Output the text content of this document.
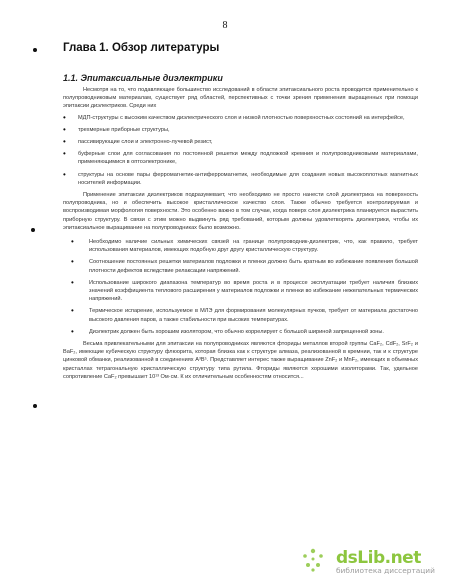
8
Глава 1. Обзор литературы
1.1. Эпитаксиальные диэлектрики

Несмотря на то, что подавляющее большинство исследований в области эпитаксиального роста проводится применительно к полупроводниковым материалам, существует ряд областей, перспективных с точки зрения применения выращенных при помощи эпитаксии диэлектриков. Среди них

• МДП-структуры с высоким качеством диэлектрического слоя и низкой плотностью поверхностных состояний на интерфейсе,
• трехмерные приборные структуры,
• пассивирующие слои и электронно-лучевой резист,
• буферные слои для согласования по постоянной решетки между подложкой кремния и полупроводниковыми материалами, применяющимися в оптоэлектронике,
• структуры на основе пары ферромагнетик-антиферромагнетик, необходимые для создания новых высокоплотных магнитных носителей информации.

Применение эпитаксии диэлектриков подразумевает, что необходимо не просто нанести слой диэлектрика на поверхность полупроводника, но и обеспечить высокое кристаллическое качество слоя. Также обычно требуется контролируемая и воспроизводимая морфология поверхности. Это особенно важно в том случае, когда поверх слоя диэлектрика планируется вырастить приборную структуру. В связи с этим можно выдвинуть ряд требований, которым должны удовлетворять диэлектрики, чтобы их эпитаксиальное выращивание на полупроводниках было возможно.

• Необходимо наличие сильных химических связей на границе полупроводник-диэлектрик, что, как правило, требует использования материалов, имеющих подобную друг другу кристаллическую структуру.
• Соотношение постоянных решетки материалов подложки и пленки должно быть кратным во избежание появления большой плотности дефектов вследствие релаксации напряжений.
• Использование широкого диапазона температур во время роста и в процессе эксплуатации требует наличия близких значений коэффициента теплового расширения у материалов подложки и пленки во избежание нежелательных термических напряжений.
• Термическое испарение, используемое в МЛЭ для формирования молекулярных пучков, требует от материала достаточно высокого давления паров, а также стабильности при высоких температурах.
• Диэлектрик должен быть хорошим изолятором, что обычно коррелирует с большой шириной запрещенной зоны.

Весьма привлекательными для эпитаксии на полупроводниках являются фториды металлов второй группы CaF₂, CdF₂, SrF₂ и BaF₂, имеющие кубическую структуру флюорита, которая близка как к структуре алмаза, реализованной в кремнии, так и к структуре цинковой обманки, реализованной в соединениях A³B⁵. Представляет интерес также выращивание ZnF₂ и MnF₂, имеющих в объемных кристаллах тетрагональную кристаллическую структуру типа рутила. Фториды являются хорошими изоляторами. Так, удельное сопротивление CaF₂ превышает 10¹³ Ом·см. К их отличительным особенностям относится...

dsLib.net
библиотека диссертаций
